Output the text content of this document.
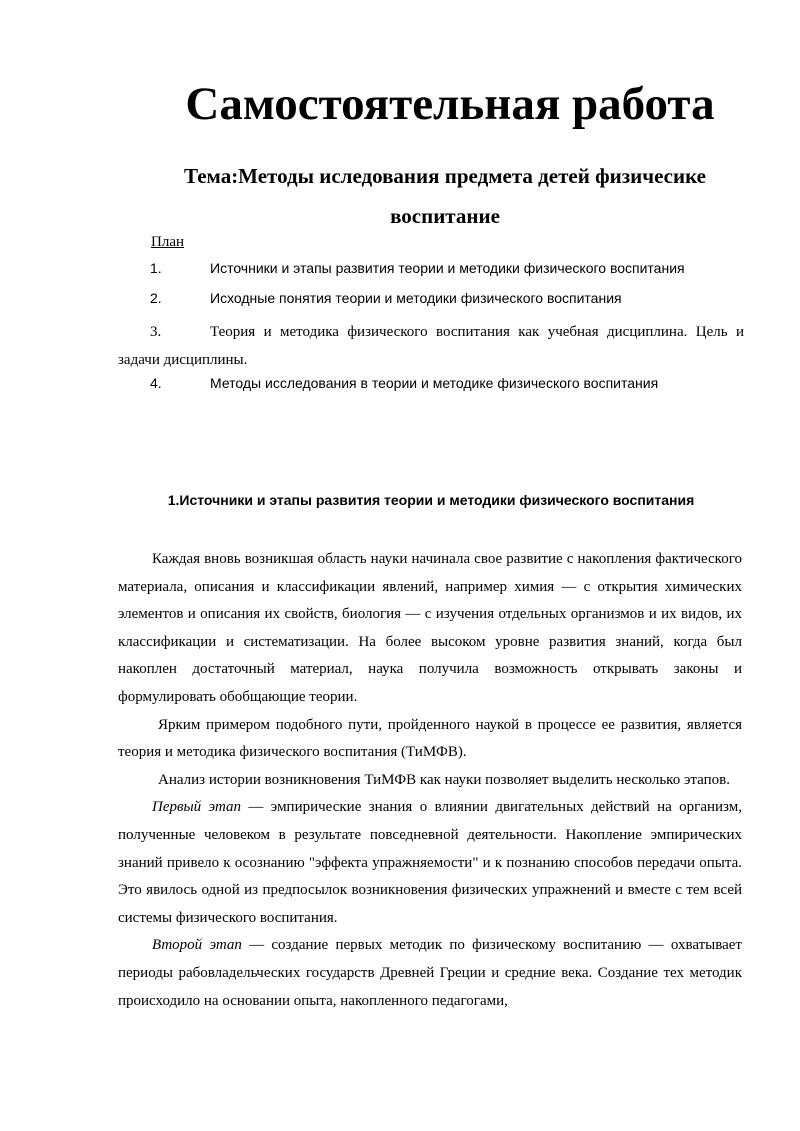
Самостоятельная работа
Тема:Методы иследования предмета детей физичесике воспитание
План
1.	Источники и этапы развития теории и методики физического воспитания
2.	Исходные понятия теории и методики физического воспитания
3.	Теория и методика физического воспитания как учебная дисциплина. Цель и задачи дисциплины.
4.	Методы исследования в теории и методике физического воспитания
1.Источники и этапы развития теории и методики физического воспитания

Каждая вновь возникшая область науки начинала свое развитие с накопления фактического материала, описания и классификации явлений, например химия — с открытия химических элементов и описания их свойств, биология — с изучения отдельных организмов и их видов, их классификации и систематизации. На более высоком уровне развития знаний, когда был накоплен достаточный материал, наука получила возможность открывать законы и формулировать обобщающие теории.

Ярким примером подобного пути, пройденного наукой в процессе ее развития, является теория и методика физического воспитания (ТиМФВ).

Анализ истории возникновения ТиМФВ как науки позволяет выделить несколько этапов.

Первый этап — эмпирические знания о влиянии двигательных действий на организм, полученные человеком в результате повседневной деятельности. Накопление эмпирических знаний привело к осознанию "эффекта упражняемости" и к познанию способов передачи опыта. Это явилось одной из предпосылок возникновения физических упражнений и вместе с тем всей системы физического воспитания.

Второй этап — создание первых методик по физическому воспитанию — охватывает периоды рабовладельческих государств Древней Греции и средние века. Создание тех методик происходило на основании опыта, накопленного педагогами,
